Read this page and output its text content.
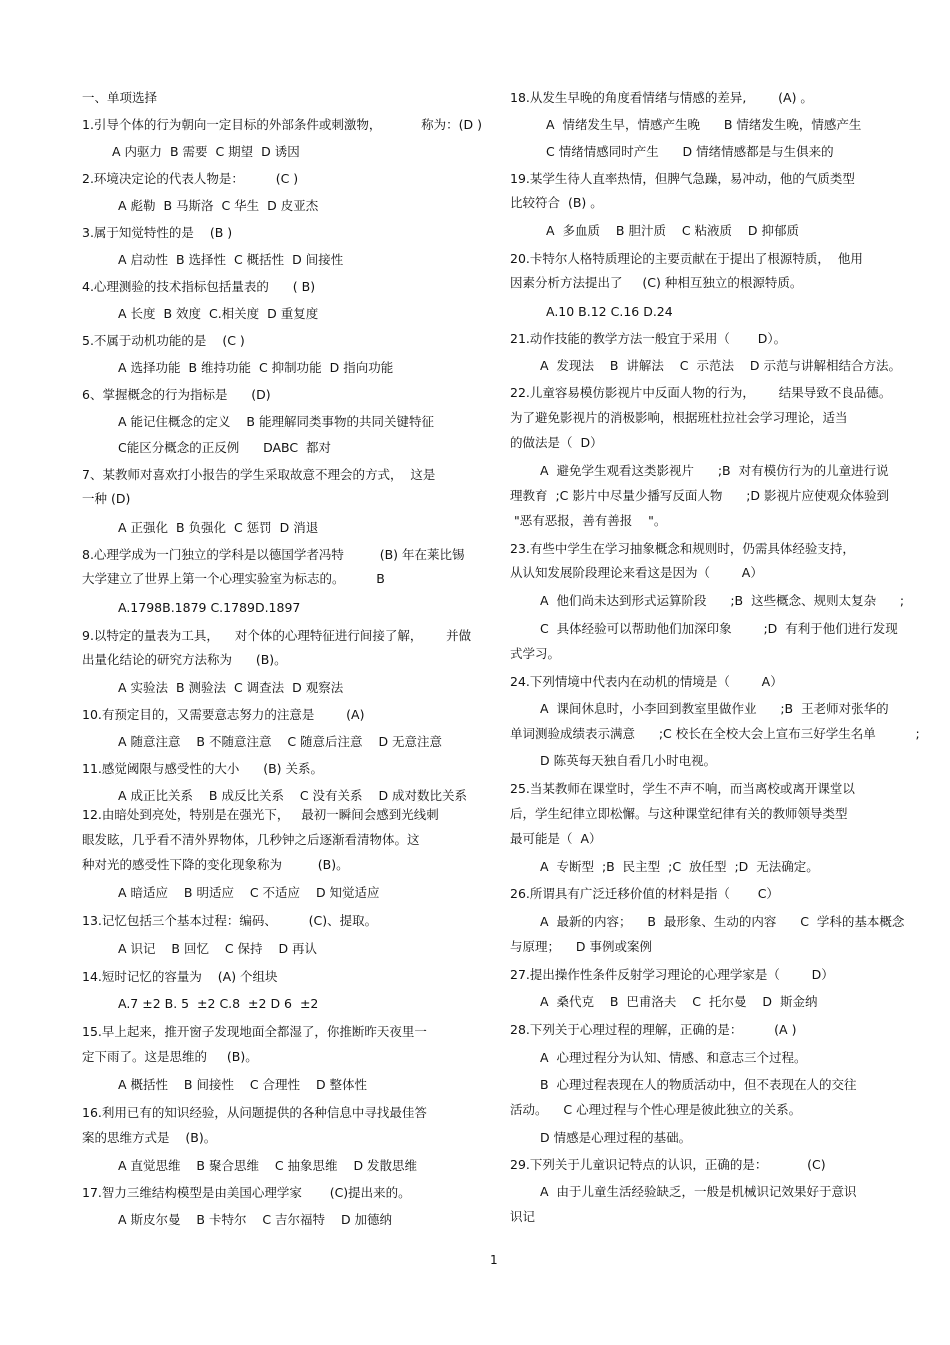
一、单项选择
1.引导个体的行为朝向一定目标的外部条件或刺激物，          称为：(D )
A 内驱力  B 需要  C 期望  D 诱因
2.环境决定论的代表人物是：        (C )
A 彪勒  B 马斯洛  C 华生  D 皮亚杰
3.属于知觉特性的是    (B )
A 启动性  B 选择性  C 概括性  D 间接性
4.心理测验的技术指标包括量表的      ( B)
A 长度  B 效度  C.相关度  D 重复度
5.不属于动机功能的是    (C )
A 选择功能  B 维持功能  C 抑制功能  D 指向功能
6、掌握概念的行为指标是      (D)
A 能记住概念的定义    B 能理解同类事物的共同关键特征
C能区分概念的正反例      DABC  都对
7、某教师对喜欢打小报告的学生采取故意不理会的方式，  这是
一种 (D)
A 正强化  B 负强化  C 惩罚  D 消退
8.心理学成为一门独立的学科是以德国学者冯特         (B) 年在莱比锡
大学建立了世界上第一个心理实验室为标志的。        B
A.1798B.1879 C.1789D.1897
9.以特定的量表为工具，    对个体的心理特征进行间接了解，      并做
出量化结论的研究方法称为      (B)。
A 实验法  B 测验法  C 调查法  D 观察法
10.有预定目的，又需要意志努力的注意是        (A)
A 随意注意    B 不随意注意    C 随意后注意    D 无意注意
11.感觉阈限与感受性的大小      (B) 关系。
A 成正比关系    B 成反比关系    C 没有关系    D 成对数比关系
12.由暗处到亮处，特别是在强光下，   最初一瞬间会感到光线刺
眼发眩，几乎看不清外界物体，几秒钟之后逐渐看清物体。这
种对光的感受性下降的变化现象称为         (B)。
A 暗适应    B 明适应    C 不适应    D 知觉适应
13.记忆包括三个基本过程：编码、        (C)、提取。
A 识记    B 回忆    C 保持    D 再认
14.短时记忆的容量为    (A) 个组块
A.7 ±2 B. 5  ±2 C.8  ±2 D 6  ±2
15.早上起来，推开窗子发现地面全都湿了，你推断昨天夜里一
定下雨了。这是思维的     (B)。
A 概括性    B 间接性    C 合理性    D 整体性
16.利用已有的知识经验，从问题提供的各种信息中寻找最佳答
案的思维方式是    (B)。
A 直觉思维    B 聚合思维    C 抽象思维    D 发散思维
17.智力三维结构模型是由美国心理学家       (C)提出来的。
A 斯皮尔曼    B 卡特尔    C 吉尔福特    D 加德纳
18.从发生早晚的角度看情绪与情感的差异,        (A) 。
A  情绪发生早，情感产生晚      B 情绪发生晚，情感产生
C 情绪情感同时产生      D 情绪情感都是与生俱来的
19.某学生待人直率热情，但脾气急躁，易冲动，他的气质类型
比较符合  (B) 。
A  多血质    B 胆汁质    C 粘液质    D 抑郁质
20.卡特尔人格特质理论的主要贡献在于提出了根源特质，  他用
因素分析方法提出了     (C) 种相互独立的根源特质。
A.10 B.12 C.16 D.24
21.动作技能的教学方法一般宜于采用（       D）。
A  发现法    B  讲解法    C  示范法    D 示范与讲解相结合方法。
22.儿童容易模仿影视片中反面人物的行为，      结果导致不良品德。
为了避免影视片的消极影响，根据班杜拉社会学习理论，适当
的做法是（  D）
A  避免学生观看这类影视片      ;B  对有模仿行为的儿童进行说
理教育  ;C 影片中尽量少播写反面人物      ;D 影视片应使观众体验到
"恶有恶报，善有善报    "。
23.有些中学生在学习抽象概念和规则时，仍需具体经验支持，
从认知发展阶段理论来看这是因为（        A）
A  他们尚未达到形式运算阶段      ;B  这些概念、规则太复杂      ;
C  具体经验可以帮助他们加深印象        ;D  有利于他们进行发现
式学习。
24.下列情境中代表内在动机的情境是（        A）
A  课间休息时，小李回到教室里做作业      ;B  王老师对张华的
单词测验成绩表示满意      ;C 校长在全校大会上宣布三好学生名单          ;
D 陈英每天独自看几小时电视。
25.当某教师在课堂时，学生不声不响，而当离校或离开课堂以
后，学生纪律立即松懈。与这种课堂纪律有关的教师领导类型
最可能是（  A）
A  专断型  ;B  民主型  ;C  放任型  ;D  无法确定。
26.所谓具有广泛迁移价值的材料是指（       C）
A  最新的内容；    B  最形象、生动的内容      C  学科的基本概念
与原理；    D 事例或案例
27.提出操作性条件反射学习理论的心理学家是（        D）
A  桑代克    B  巴甫洛夫    C  托尔曼    D  斯金纳
28.下列关于心理过程的理解，正确的是：        (A )
A  心理过程分为认知、情感、和意志三个过程。
B  心理过程表现在人的物质活动中，但不表现在人的交往
活动。    C 心理过程与个性心理是彼此独立的关系。
D 情感是心理过程的基础。
29.下列关于儿童识记特点的认识，正确的是：          (C)
A  由于儿童生活经验缺乏，一般是机械识记效果好于意识
识记
1
